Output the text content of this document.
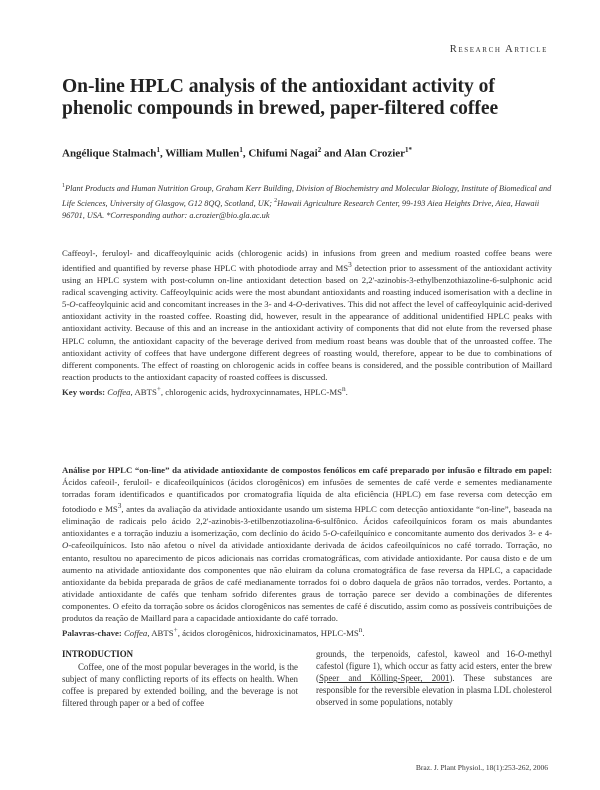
Research Article
On-line HPLC analysis of the antioxidant activity of phenolic compounds in brewed, paper-filtered coffee
Angélique Stalmach$^1$, William Mullen$^1$, Chifumi Nagai$^2$ and Alan Crozier$^{1*}$
$^1$Plant Products and Human Nutrition Group, Graham Kerr Building, Division of Biochemistry and Molecular Biology, Institute of Biomedical and Life Sciences, University of Glasgow, G12 8QQ, Scotland, UK; $^2$Hawaii Agriculture Research Center, 99-193 Aiea Heights Drive, Aiea, Hawaii 96701, USA. *Corresponding author: a.crozier@bio.gla.ac.uk
Caffeoyl-, feruloyl- and dicaffeoylquinic acids (chlorogenic acids) in infusions from green and medium roasted coffee beans were identified and quantified by reverse phase HPLC with photodiode array and $MS^3$ detection prior to assessment of the antioxidant activity using an HPLC system with post-column on-line antioxidant detection based on 2,2'-azinobis-3-ethylbenzothiazoline-6-sulphonic acid radical scavenging activity. Caffeoylquinic acids were the most abundant antioxidants and roasting induced isomerisation with a decline in 5-O-caffeoylquinic acid and concomitant increases in the 3- and 4-O-derivatives. This did not affect the level of caffeoylquinic acid-derived antioxidant activity in the roasted coffee. Roasting did, however, result in the appearance of additional unidentified HPLC peaks with antioxidant activity. Because of this and an increase in the antioxidant activity of components that did not elute from the reversed phase HPLC column, the antioxidant capacity of the beverage derived from medium roast beans was double that of the unroasted coffee. The antioxidant activity of coffees that have undergone different degrees of roasting would, therefore, appear to be due to combinations of different components. The effect of roasting on chlorogenic acids in coffee beans is considered, and the possible contribution of Maillard reaction products to the antioxidant capacity of roasted coffees is discussed.
Key words: Coffea, ABTS+, chlorogenic acids, hydroxycinnamates, HPLC-$MS^n$.
Análise por HPLC “on-line” da atividade antioxidante de compostos fenólicos em café preparado por infusão e filtrado em papel: Ácidos cafeoil-, feruloil- e dicafeoilquínicos (ácidos clorogênicos) em infusões de sementes de café verde e sementes medianamente torradas foram identificados e quantificados por cromatografia líquida de alta eficiência (HPLC) em fase reversa com detecção em fotodiodo e $MS^3$, antes da avaliação da atividade antioxidante usando um sistema HPLC com detecção antioxidante “on-line”, baseada na eliminação de radicais pelo ácido 2,2'-azinobis-3-etilbenzotiazolina-6-sulfônico. Ácidos cafeoilquínicos foram os mais abundantes antioxidantes e a torração induziu a isomerização, com declínio do ácido 5-O-cafeilquínico e concomitante aumento dos derivados 3- e 4-O-cafeoilquínicos. Isto não afetou o nível da atividade antioxidante derivada de ácidos cafeoilquínicos no café torrado. Torração, no entanto, resultou no aparecimento de picos adicionais nas corridas cromatográficas, com atividade antioxidante. Por causa disto e de um aumento na atividade antioxidante dos componentes que não eluiram da coluna cromatográfica de fase reversa da HPLC, a capacidade antioxidante da bebida preparada de grãos de café medianamente torrados foi o dobro daquela de grãos não torrados, verdes. Portanto, a atividade antioxidante de cafés que tenham sofrido diferentes graus de torração parece ser devido a combinações de diferentes componentes. O efeito da torração sobre os ácidos clorogênicos nas sementes de café é discutido, assim como as possíveis contribuições de produtos da reação de Maillard para a capacidade antioxidante do café torrado.
Palavras-chave: Coffea, ABTS+, ácidos clorogênicos, hidroxicinamatos, HPLC-$MS^n$.
INTRODUCTION
Coffee, one of the most popular beverages in the world, is the subject of many conflicting reports of its effects on health. When coffee is prepared by extended boiling, and the beverage is not filtered through paper or a bed of coffee
grounds, the terpenoids, cafestol, kaweol and 16-O-methyl cafestol (figure 1), which occur as fatty acid esters, enter the brew (Speer and Kölling-Speer, 2001). These substances are responsible for the reversible elevation in plasma LDL cholesterol observed in some populations, notably
Braz. J. Plant Physiol., 18(1):253-262, 2006
